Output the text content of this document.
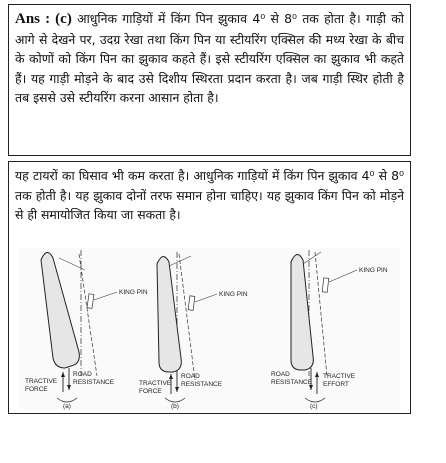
Ans : (c) आधुनिक गाड़ियों में किंग पिन झुकाव 4⁰ से 8⁰ तक होता है। गाड़ी को आगे से देखने पर, उदग्र रेखा तथा किंग पिन या स्टीयरिंग एक्सिल की मध्य रेखा के बीच के कोणों को किंग पिन का झुकाव कहते हैं। इसे स्टीयरिंग एक्सिल का झुकाव भी कहते हैं। यह गाड़ी मोड़ने के बाद उसे दिशीय स्थिरता प्रदान करता है। जब गाड़ी स्थिर होती है तब इससे उसे स्टीयरिंग करना आसान होता है।

यह टायरों का घिसाव भी कम करता है। आधुनिक गाड़ियों में किंग पिन झुकाव 4⁰ से 8⁰ तक होती है। यह झुकाव दोनों तरफ समान होना चाहिए। यह झुकाव किंग पिन को मोड़ने से ही समायोजित किया जा सकता है।

KING PIN
TRACTIVE
FORCE
ROAD
RESISTANCE
(a)
KING PIN
TRACTIVE
FORCE
ROAD
RESISTANCE
(b)
KING PIN
ROAD
RESISTANCE
TRACTIVE
EFFORT
(c)
